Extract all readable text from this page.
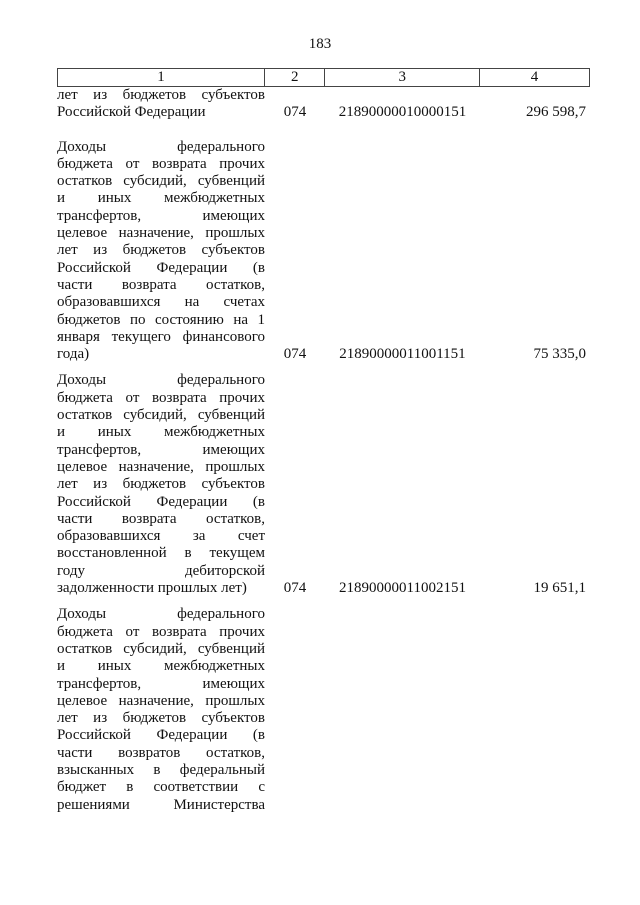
183
1	2	3	4
лет из бюджетов субъектов
Российской Федерации	074	21890000010000151	296 598,7
Доходы федерального
бюджета от возврата прочих
остатков субсидий, субвенций
и иных межбюджетных
трансфертов, имеющих
целевое назначение, прошлых
лет из бюджетов субъектов
Российской Федерации (в
части возврата остатков,
образовавшихся на счетах
бюджетов по состоянию на 1
января текущего финансового
года)	074	21890000011001151	75 335,0
Доходы федерального
бюджета от возврата прочих
остатков субсидий, субвенций
и иных межбюджетных
трансфертов, имеющих
целевое назначение, прошлых
лет из бюджетов субъектов
Российской Федерации (в
части возврата остатков,
образовавшихся за счет
восстановленной в текущем
году дебиторской
задолженности прошлых лет)	074	21890000011002151	19 651,1
Доходы федерального
бюджета от возврата прочих
остатков субсидий, субвенций
и иных межбюджетных
трансфертов, имеющих
целевое назначение, прошлых
лет из бюджетов субъектов
Российской Федерации (в
части возвратов остатков,
взысканных в федеральный
бюджет в соответствии с
решениями Министерства
